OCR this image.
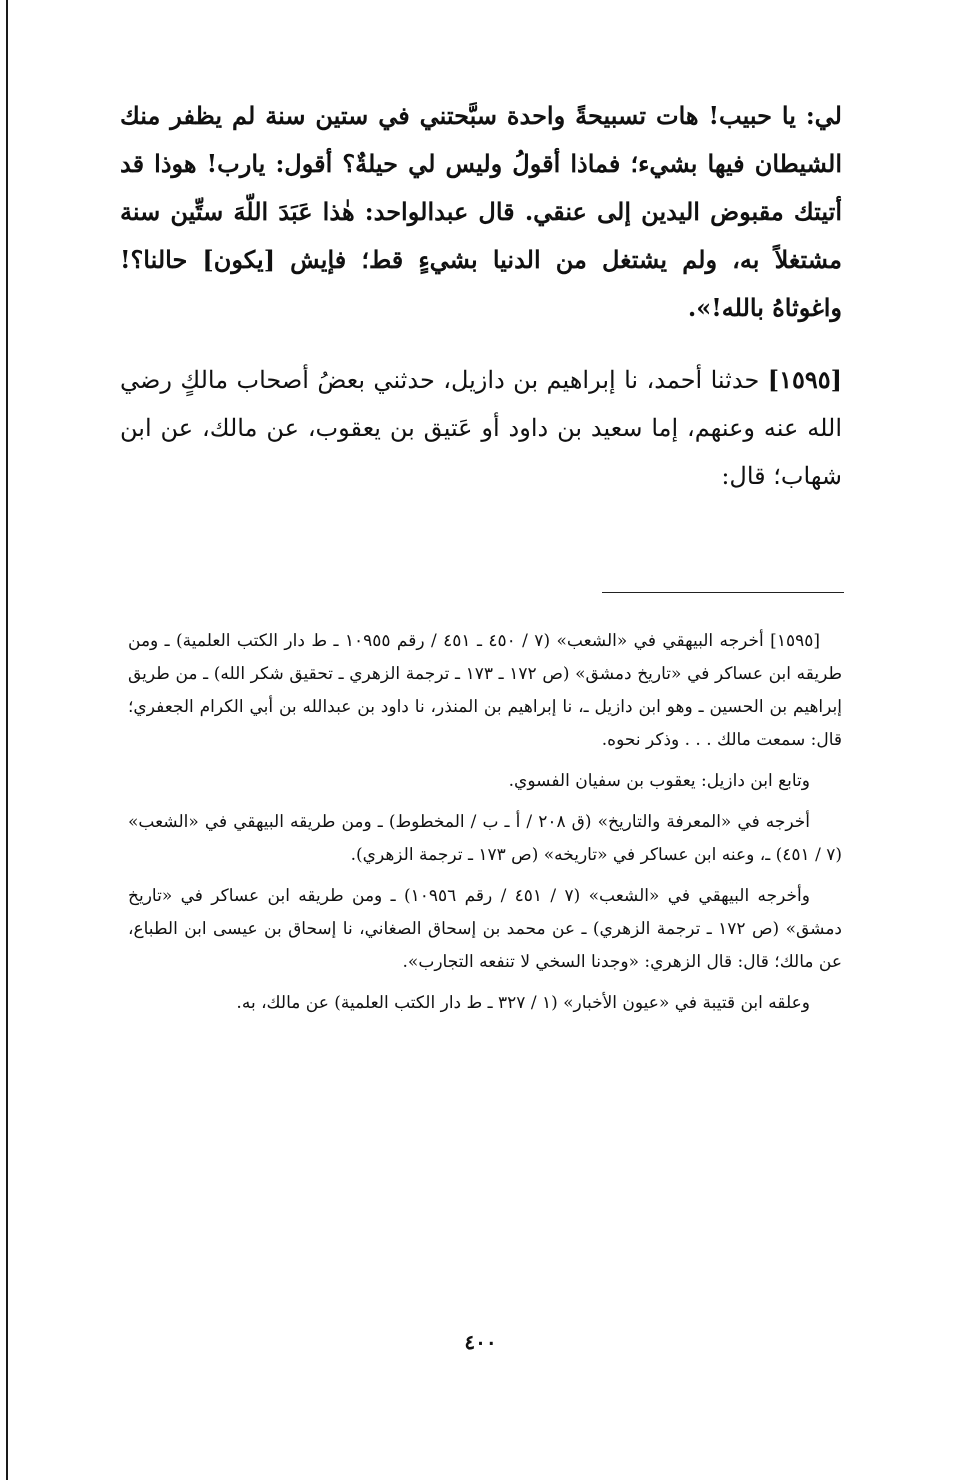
لي: يا حبيب! هات تسبيحةً واحدة سبَّحتني في ستين سنة لم يظفر منك الشيطان فيها بشيء؛ فماذا أقولُ وليس لي حيلةٌ؟ أقول: يارب! هوذا قد أتيتك مقبوض اليدين إلى عنقي. قال عبدالواحد: هٰذا عَبَدَ اللّهَ ستِّين سنة مشتغلاً به، ولم يشتغل من الدنيا بشيءٍ قط؛ فإيش [يكون] حالنا؟! واغوثاهُ بالله!».

[١٥٩٥] حدثنا أحمد، نا إبراهيم بن دازيل، حدثني بعضُ أصحاب مالكٍ رضي الله عنه وعنهم، إما سعيد بن داود أو عَتيق بن يعقوب، عن مالك، عن ابن شهاب؛ قال:

[١٥٩٥] أخرجه البيهقي في «الشعب» (٧ / ٤٥٠ ـ ٤٥١ / رقم ١٠٩٥٥ ـ ط دار الكتب العلمية) ـ ومن طريقه ابن عساكر في «تاريخ دمشق» (ص ١٧٢ ـ ١٧٣ ـ ترجمة الزهري ـ تحقيق شكر الله) ـ من طريق إبراهيم بن الحسين ـ وهو ابن دازيل ـ، نا إبراهيم بن المنذر، نا داود بن عبدالله بن أبي الكرام الجعفري؛ قال: سمعت مالك . . . وذكر نحوه.

وتابع ابن دازيل: يعقوب بن سفيان الفسوي.

أخرجه في «المعرفة والتاريخ» (ق ٢٠٨ / أ ـ ب / المخطوط) ـ ومن طريقه البيهقي في «الشعب» (٧ / ٤٥١) ـ، وعنه ابن عساكر في «تاريخه» (ص ١٧٣ ـ ترجمة الزهري).

وأخرجه البيهقي في «الشعب» (٧ / ٤٥١ / رقم ١٠٩٥٦) ـ ومن طريقه ابن عساكر في «تاريخ دمشق» (ص ١٧٢ ـ ترجمة الزهري) ـ عن محمد بن إسحاق الصغاني، نا إسحاق بن عيسى ابن الطباع، عن مالك؛ قال: قال الزهري: «وجدنا السخي لا تنفعه التجارب».

وعلقه ابن قتيبة في «عيون الأخبار» (١ / ٣٢٧ ـ ط دار الكتب العلمية) عن مالك، به.

٤٠٠
